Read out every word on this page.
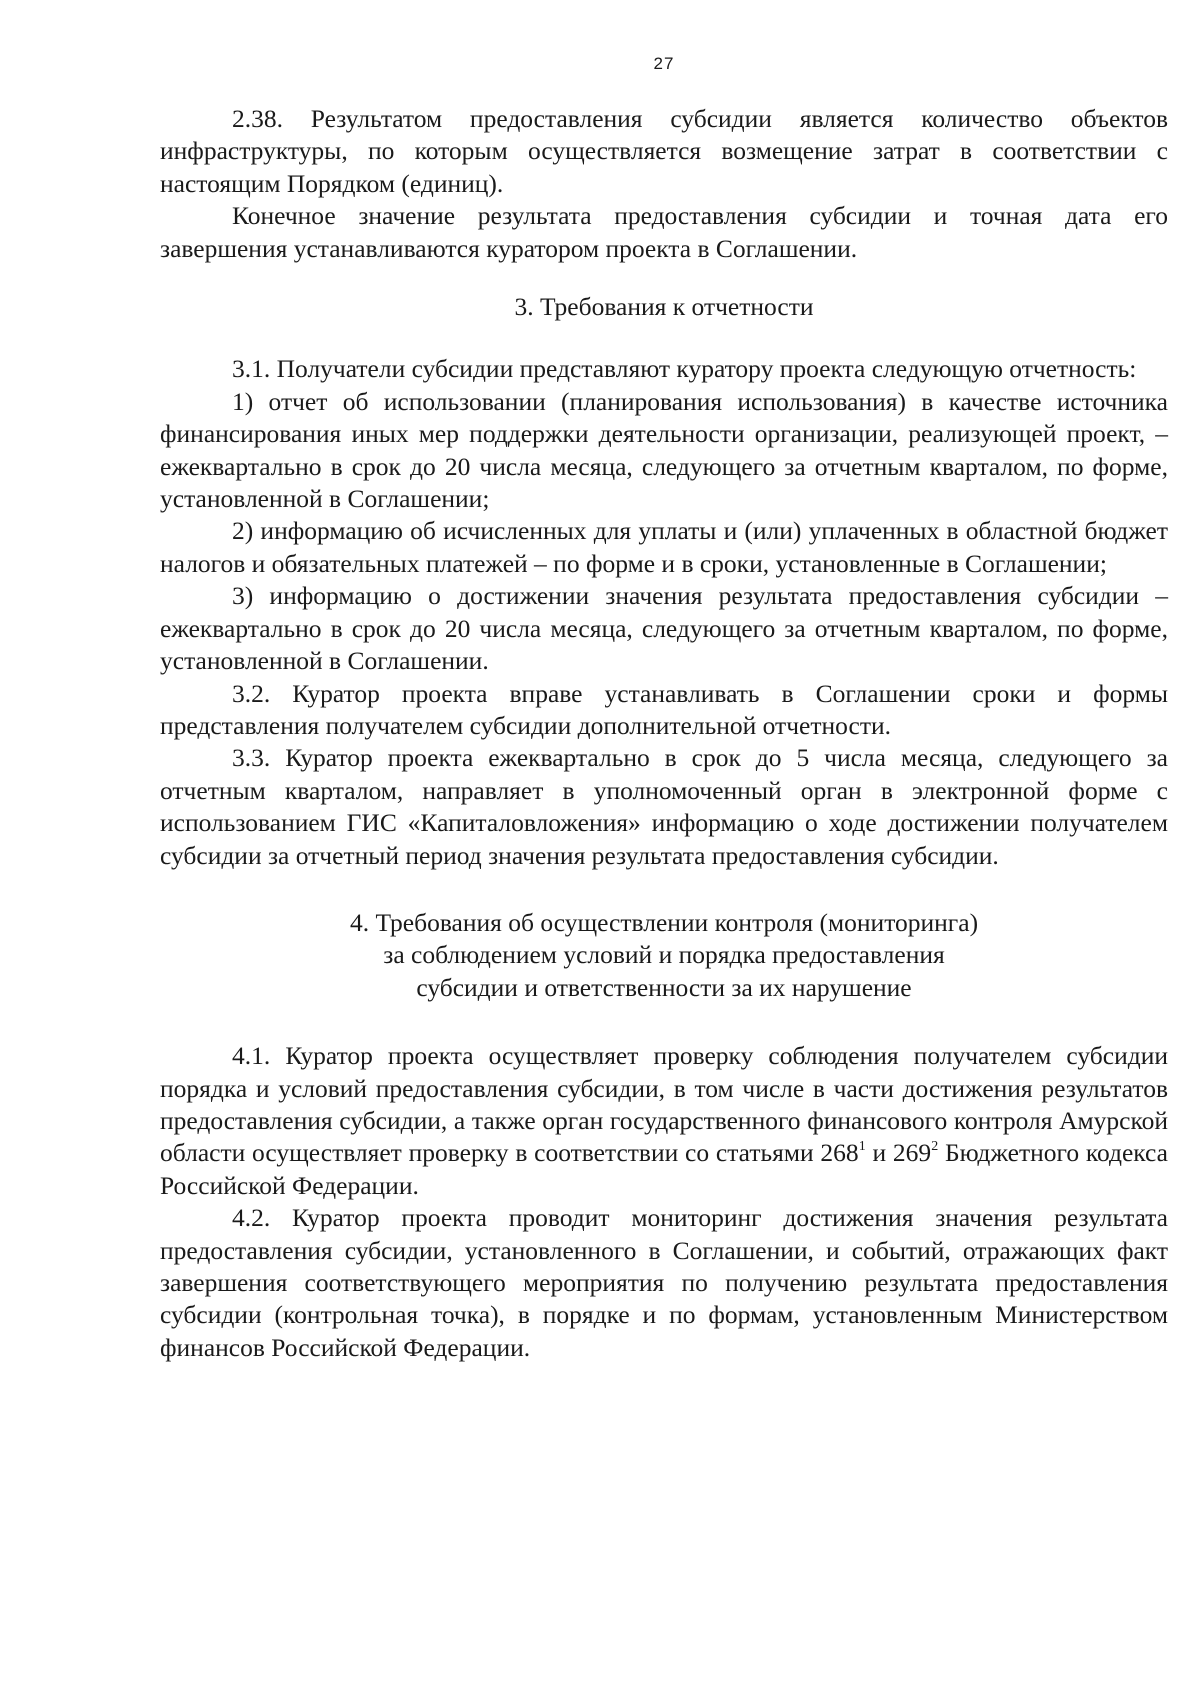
27

2.38. Результатом предоставления субсидии является количество объектов инфраструктуры, по которым осуществляется возмещение затрат в соответствии с настоящим Порядком (единиц).

Конечное значение результата предоставления субсидии и точная дата его завершения устанавливаются куратором проекта в Соглашении.

3. Требования к отчетности

3.1. Получатели субсидии представляют куратору проекта следующую отчетность:

1) отчет об использовании (планирования использования) в качестве источника финансирования иных мер поддержки деятельности организации, реализующей проект, – ежеквартально в срок до 20 числа месяца, следующего за отчетным кварталом, по форме, установленной в Соглашении;

2) информацию об исчисленных для уплаты и (или) уплаченных в областной бюджет налогов и обязательных платежей – по форме и в сроки, установленные в Соглашении;

3) информацию о достижении значения результата предоставления субсидии – ежеквартально в срок до 20 числа месяца, следующего за отчетным кварталом, по форме, установленной в Соглашении.

3.2. Куратор проекта вправе устанавливать в Соглашении сроки и формы представления получателем субсидии дополнительной отчетности.

3.3. Куратор проекта ежеквартально в срок до 5 числа месяца, следующего за отчетным кварталом, направляет в уполномоченный орган в электронной форме с использованием ГИС «Капиталовложения» информацию о ходе достижении получателем субсидии за отчетный период значения результата предоставления субсидии.

4. Требования об осуществлении контроля (мониторинга)
за соблюдением условий и порядка предоставления
субсидии и ответственности за их нарушение

4.1. Куратор проекта осуществляет проверку соблюдения получателем субсидии порядка и условий предоставления субсидии, в том числе в части достижения результатов предоставления субсидии, а также орган государственного финансового контроля Амурской области осуществляет проверку в соответствии со статьями $268^1$ и $269^2$ Бюджетного кодекса Российской Федерации.

4.2. Куратор проекта проводит мониторинг достижения значения результата предоставления субсидии, установленного в Соглашении, и событий, отражающих факт завершения соответствующего мероприятия по получению результата предоставления субсидии (контрольная точка), в порядке и по формам, установленным Министерством финансов Российской Федерации.
